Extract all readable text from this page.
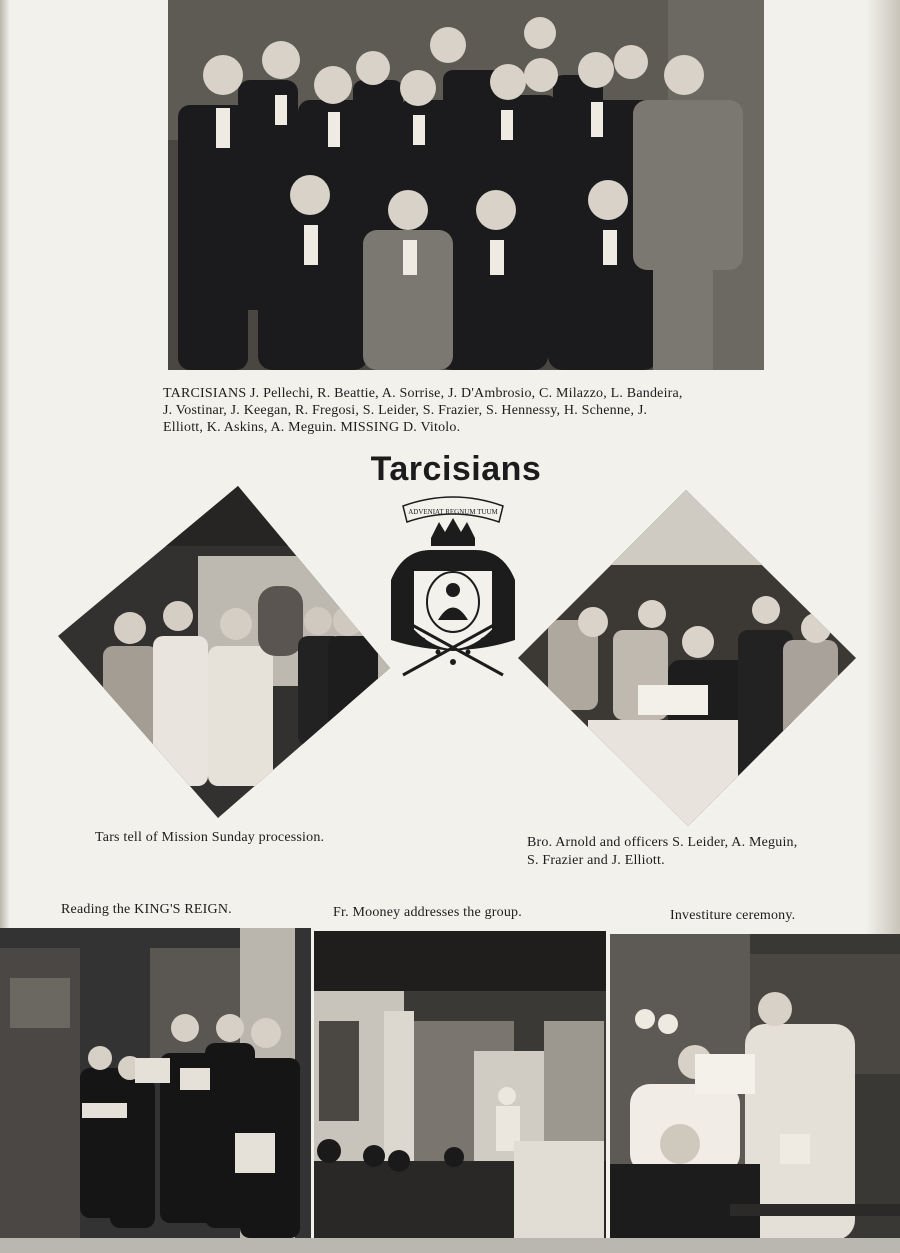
TARCISIANS J. Pellechi, R. Beattie, A. Sorrise, J. D'Ambrosio, C. Milazzo, L. Bandeira,
J. Vostinar, J. Keegan, R. Fregosi, S. Leider, S. Frazier, S. Hennessy, H. Schenne, J.
Elliott, K. Askins, A. Meguin. MISSING D. Vitolo.
Tarcisians
ADVENIAT REGNUM TUUM
Tars tell of Mission Sunday procession.	Bro. Arnold and officers S. Leider, A. Meguin,
S. Frazier and J. Elliott.
Reading the KING'S REIGN.	Fr. Mooney addresses the group.	Investiture ceremony.
